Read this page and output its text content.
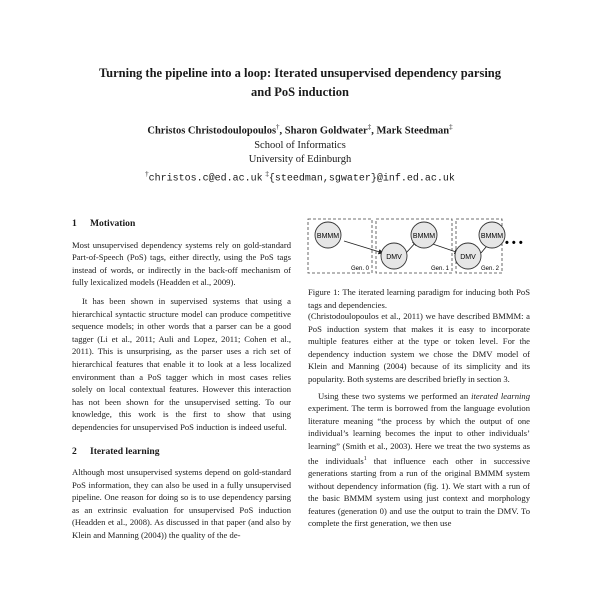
Turning the pipeline into a loop: Iterated unsupervised dependency parsing
and PoS induction
Christos Christodoulopoulos†, Sharon Goldwater‡, Mark Steedman‡
School of Informatics
University of Edinburgh
†christos.c@ed.ac.uk ‡{steedman,sgwater}@inf.ed.ac.uk
1 Motivation

Most unsupervised dependency systems rely on gold-standard Part-of-Speech (PoS) tags, either directly, using the PoS tags instead of words, or indirectly in the back-off mechanism of fully lexicalized models (Headden et al., 2009).

It has been shown in supervised systems that using a hierarchical syntactic structure model can produce competitive sequence models; in other words that a parser can be a good tagger (Li et al., 2011; Auli and Lopez, 2011; Cohen et al., 2011). This is unsurprising, as the parser uses a rich set of hierarchical features that enable it to look at a less localized environment than a PoS tagger which in most cases relies solely on local contextual features. However this interaction has not been shown for the unsupervised setting. To our knowledge, this work is the first to show that using dependencies for unsupervised PoS induction is indeed useful.

2 Iterated learning

Although most unsupervised systems depend on gold-standard PoS information, they can also be used in a fully unsupervised pipeline. One reason for doing so is to use dependency parsing as an extrinsic evaluation for unsupervised PoS induction (Headden et al., 2008). As discussed in that paper (and also by Klein and Manning (2004)) the quality of the de-

BMMM
DMV
BMMM
DMV
BMMM
Gen. 0	Gen. 1	Gen. 2
• • •
Figure 1: The iterated learning paradigm for inducing both PoS tags and dependencies.

(Christodoulopoulos et al., 2011) we have described BMMM: a PoS induction system that makes it is easy to incorporate multiple features either at the type or token level. For the dependency induction system we chose the DMV model of Klein and Manning (2004) because of its simplicity and its popularity. Both systems are described briefly in section 3.

Using these two systems we performed an iterated learning experiment. The term is borrowed from the language evolution literature meaning “the process by which the output of one individual’s learning becomes the input to other individuals’ learning” (Smith et al., 2003). Here we treat the two systems as the individuals$^1$ that influence each other in successive generations starting from a run of the original BMMM system without dependency information (fig. 1). We start with a run of the basic BMMM system using just context and morphology features (generation 0) and use the output to train the DMV. To complete the first generation, we then use
